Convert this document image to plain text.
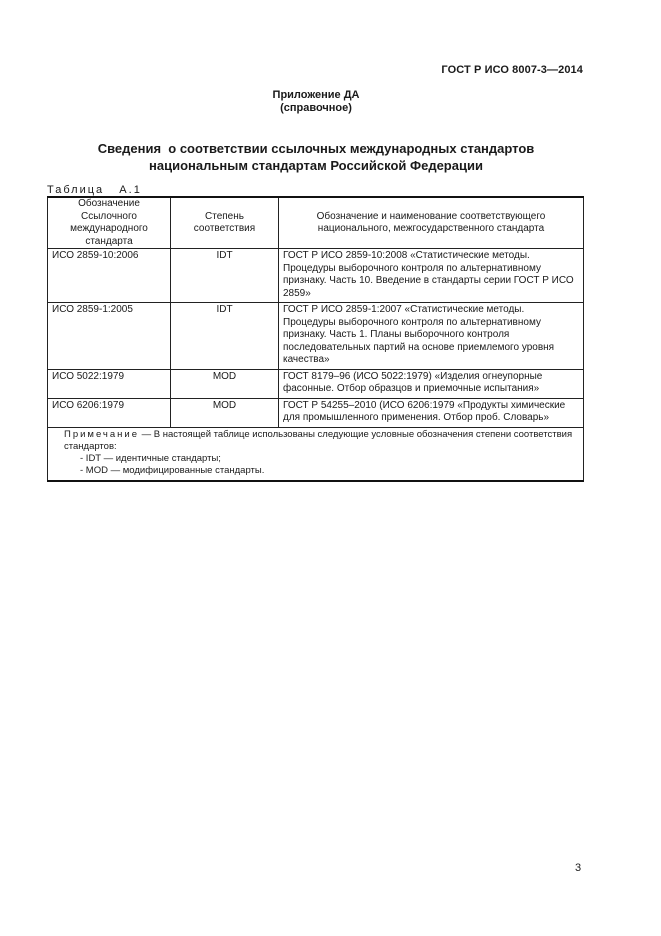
ГОСТ Р ИСО 8007-3—2014
Приложение ДА
(справочное)
Сведения  о соответствии ссылочных международных стандартов
национальным стандартам Российской Федерации
Таблица   А.1
Обозначение Ссылочного международного стандарта	Степень соответствия	Обозначение и наименование соответствующего национального, межгосударственного стандарта
ИСО 2859-10:2006	IDT	ГОСТ Р ИСО 2859-10:2008 «Статистические методы. Процедуры выборочного контроля по альтернативному признаку. Часть 10. Введение в стандарты серии ГОСТ Р ИСО 2859»
ИСО 2859-1:2005	IDT	ГОСТ Р ИСО 2859-1:2007 «Статистические методы. Процедуры выборочного контроля по альтернативному признаку. Часть 1. Планы выборочного контроля последовательных партий на основе приемлемого уровня качества»
ИСО 5022:1979	MOD	ГОСТ 8179–96 (ИСО 5022:1979) «Изделия огнеупорные фасонные. Отбор образцов и приемочные испытания»
ИСО 6206:1979	MOD	ГОСТ Р 54255–2010 (ИСО 6206:1979 «Продукты химические для промышленного применения. Отбор проб. Словарь»

Примечание — В настоящей таблице использованы следующие условные обозначения степени соответствия стандартов:
- IDT — идентичные стандарты;
- MOD — модифицированные стандарты.		
3
